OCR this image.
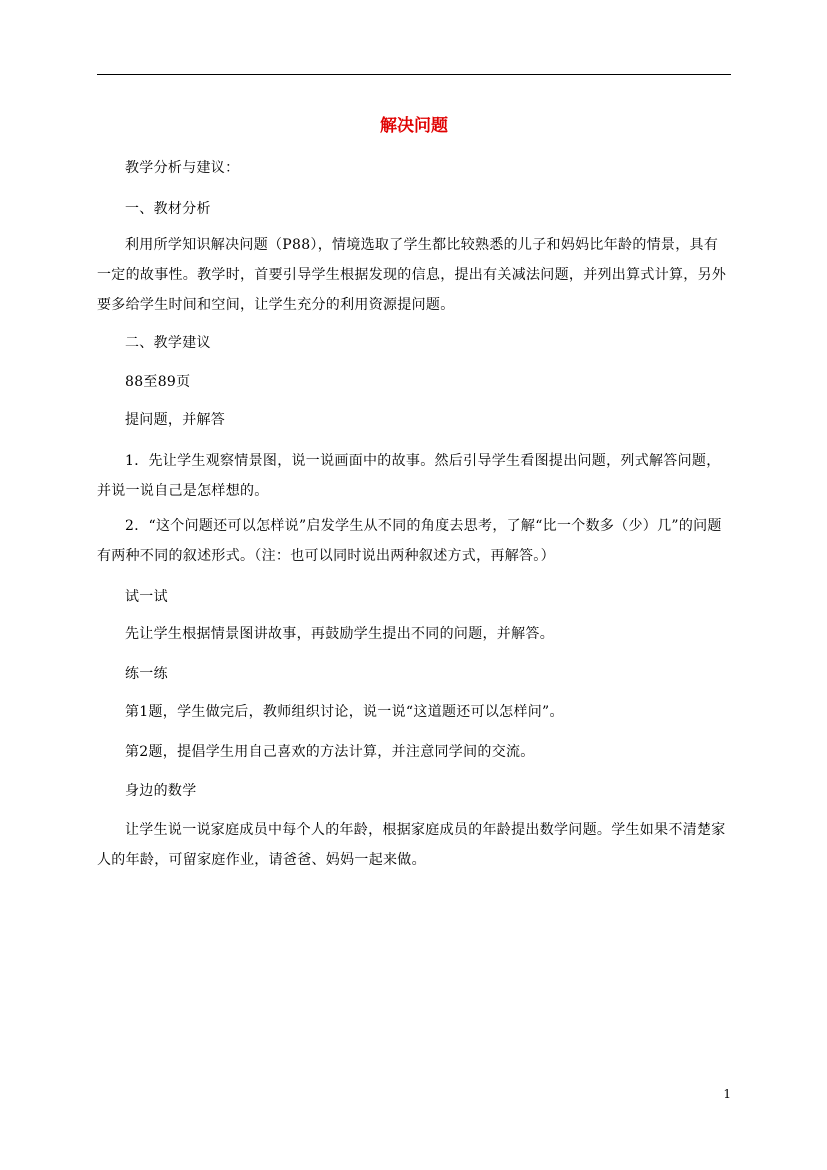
解决问题

教学分析与建议：

一、教材分析

利用所学知识解决问题（P88），情境选取了学生都比较熟悉的儿子和妈妈比年龄的情景，具有一定的故事性。教学时，首要引导学生根据发现的信息，提出有关减法问题，并列出算式计算，另外要多给学生时间和空间，让学生充分的利用资源提问题。

二、教学建议

88至89页

提问题，并解答

1．先让学生观察情景图，说一说画面中的故事。然后引导学生看图提出问题，列式解答问题，并说一说自己是怎样想的。

2．“这个问题还可以怎样说”启发学生从不同的角度去思考，了解“比一个数多（少）几”的问题有两种不同的叙述形式。（注：也可以同时说出两种叙述方式，再解答。）

试一试

先让学生根据情景图讲故事，再鼓励学生提出不同的问题，并解答。

练一练

第1题，学生做完后，教师组织讨论，说一说“这道题还可以怎样问”。

第2题，提倡学生用自己喜欢的方法计算，并注意同学间的交流。

身边的数学

让学生说一说家庭成员中每个人的年龄，根据家庭成员的年龄提出数学问题。学生如果不清楚家人的年龄，可留家庭作业，请爸爸、妈妈一起来做。

1
